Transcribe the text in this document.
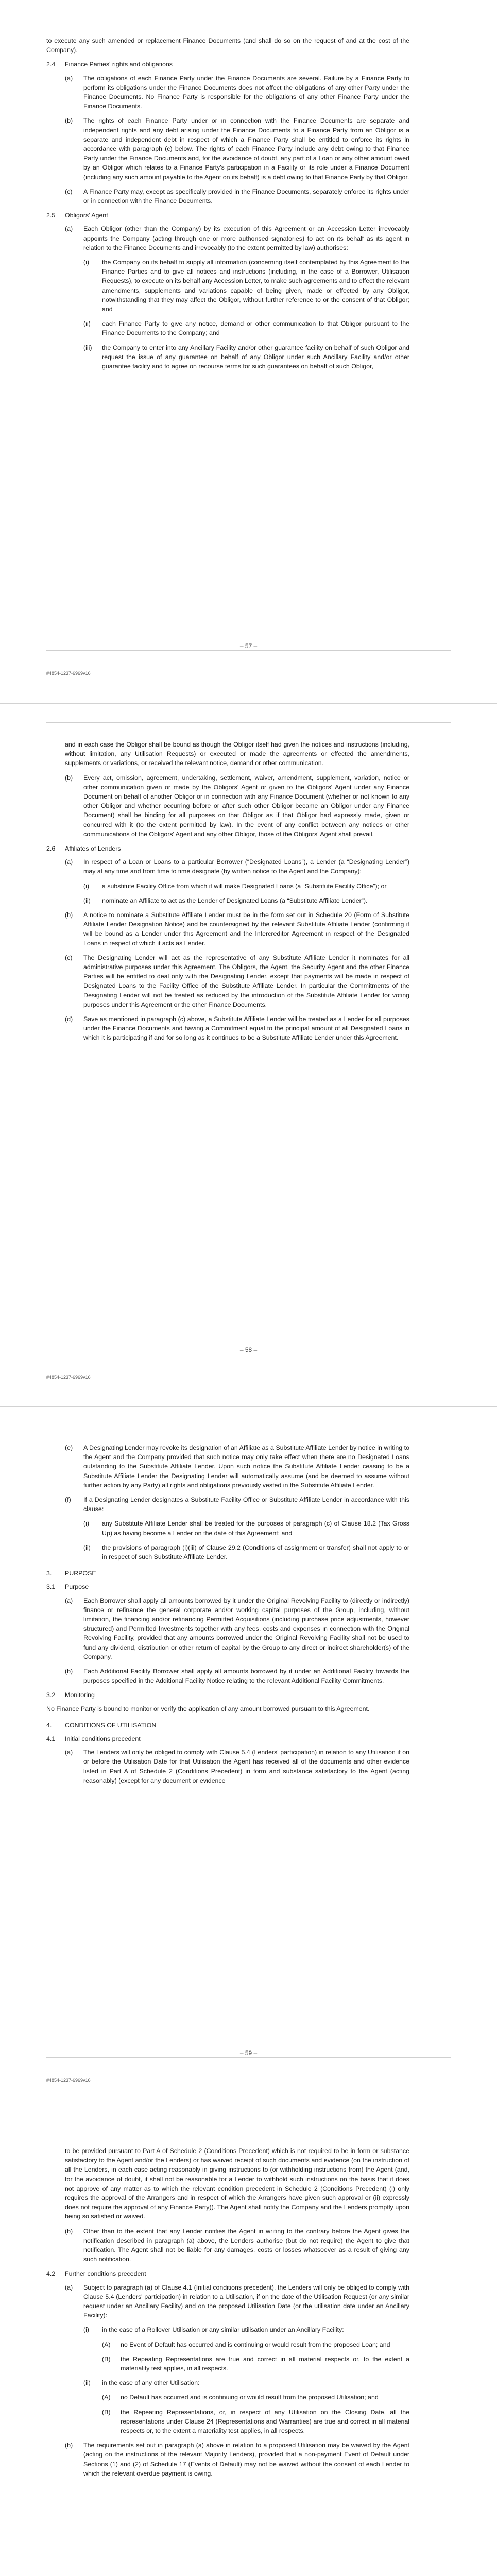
to execute any such amended or replacement Finance Documents (and shall do so on the request of and at the cost of the Company).

2.4	Finance Parties' rights and obligations
(a)	The obligations of each Finance Party under the Finance Documents are several. Failure by a Finance Party to perform its obligations under the Finance Documents does not affect the obligations of any other Party under the Finance Documents. No Finance Party is responsible for the obligations of any other Finance Party under the Finance Documents.
(b)	The rights of each Finance Party under or in connection with the Finance Documents are separate and independent rights and any debt arising under the Finance Documents to a Finance Party from an Obligor is a separate and independent debt in respect of which a Finance Party shall be entitled to enforce its rights in accordance with paragraph (c) below. The rights of each Finance Party include any debt owing to that Finance Party under the Finance Documents and, for the avoidance of doubt, any part of a Loan or any other amount owed by an Obligor which relates to a Finance Party's participation in a Facility or its role under a Finance Document (including any such amount payable to the Agent on its behalf) is a debt owing to that Finance Party by that Obligor.
(c)	A Finance Party may, except as specifically provided in the Finance Documents, separately enforce its rights under or in connection with the Finance Documents.
2.5	Obligors' Agent
(a)	Each Obligor (other than the Company) by its execution of this Agreement or an Accession Letter irrevocably appoints the Company (acting through one or more authorised signatories) to act on its behalf as its agent in relation to the Finance Documents and irrevocably (to the extent permitted by law) authorises:
(i)	the Company on its behalf to supply all information (concerning itself contemplated by this Agreement to the Finance Parties and to give all notices and instructions (including, in the case of a Borrower, Utilisation Requests), to execute on its behalf any Accession Letter, to make such agreements and to effect the relevant amendments, supplements and variations capable of being given, made or effected by any Obligor, notwithstanding that they may affect the Obligor, without further reference to or the consent of that Obligor; and
(ii)	each Finance Party to give any notice, demand or other communication to that Obligor pursuant to the Finance Documents to the Company; and
(iii)	the Company to enter into any Ancillary Facility and/or other guarantee facility on behalf of such Obligor and request the issue of any guarantee on behalf of any Obligor under such Ancillary Facility and/or other guarantee facility and to agree on recourse terms for such guarantees on behalf of such Obligor,
– 57 –
#4854-1237-6969v16

and in each case the Obligor shall be bound as though the Obligor itself had given the notices and instructions (including, without limitation, any Utilisation Requests) or executed or made the agreements or effected the amendments, supplements or variations, or received the relevant notice, demand or other communication.

(b)	Every act, omission, agreement, undertaking, settlement, waiver, amendment, supplement, variation, notice or other communication given or made by the Obligors' Agent or given to the Obligors' Agent under any Finance Document on behalf of another Obligor or in connection with any Finance Document (whether or not known to any other Obligor and whether occurring before or after such other Obligor became an Obligor under any Finance Document) shall be binding for all purposes on that Obligor as if that Obligor had expressly made, given or concurred with it (to the extent permitted by law). In the event of any conflict between any notices or other communications of the Obligors' Agent and any other Obligor, those of the Obligors' Agent shall prevail.
2.6	Affiliates of Lenders
(a)	In respect of a Loan or Loans to a particular Borrower (“Designated Loans”), a Lender (a “Designating Lender”) may at any time and from time to time designate (by written notice to the Agent and the Company):
(i)	a substitute Facility Office from which it will make Designated Loans (a “Substitute Facility Office”); or
(ii)	nominate an Affiliate to act as the Lender of Designated Loans (a “Substitute Affiliate Lender”).
(b)	A notice to nominate a Substitute Affiliate Lender must be in the form set out in Schedule 20 (Form of Substitute Affiliate Lender Designation Notice) and be countersigned by the relevant Substitute Affiliate Lender (confirming it will be bound as a Lender under this Agreement and the Intercreditor Agreement in respect of the Designated Loans in respect of which it acts as Lender.
(c)	The Designating Lender will act as the representative of any Substitute Affiliate Lender it nominates for all administrative purposes under this Agreement. The Obligors, the Agent, the Security Agent and the other Finance Parties will be entitled to deal only with the Designating Lender, except that payments will be made in respect of Designated Loans to the Facility Office of the Substitute Affiliate Lender. In particular the Commitments of the Designating Lender will not be treated as reduced by the introduction of the Substitute Affiliate Lender for voting purposes under this Agreement or the other Finance Documents.
(d)	Save as mentioned in paragraph (c) above, a Substitute Affiliate Lender will be treated as a Lender for all purposes under the Finance Documents and having a Commitment equal to the principal amount of all Designated Loans in which it is participating if and for so long as it continues to be a Substitute Affiliate Lender under this Agreement.
– 58 –
#4854-1237-6969v16
(e)	A Designating Lender may revoke its designation of an Affiliate as a Substitute Affiliate Lender by notice in writing to the Agent and the Company provided that such notice may only take effect when there are no Designated Loans outstanding to the Substitute Affiliate Lender. Upon such notice the Substitute Affiliate Lender ceasing to be a Substitute Affiliate Lender the Designating Lender will automatically assume (and be deemed to assume without further action by any Party) all rights and obligations previously vested in the Substitute Affiliate Lender.
(f)	If a Designating Lender designates a Substitute Facility Office or Substitute Affiliate Lender in accordance with this clause:
(i)	any Substitute Affiliate Lender shall be treated for the purposes of paragraph (c) of Clause 18.2 (Tax Gross Up) as having become a Lender on the date of this Agreement; and
(ii)	the provisions of paragraph (i)(iii) of Clause 29.2 (Conditions of assignment or transfer) shall not apply to or in respect of such Substitute Affiliate Lender.
3.	PURPOSE
3.1	Purpose
(a)	Each Borrower shall apply all amounts borrowed by it under the Original Revolving Facility to (directly or indirectly) finance or refinance the general corporate and/or working capital purposes of the Group, including, without limitation, the financing and/or refinancing Permitted Acquisitions (including purchase price adjustments, however structured) and Permitted Investments together with any fees, costs and expenses in connection with the Original Revolving Facility, provided that any amounts borrowed under the Original Revolving Facility shall not be used to fund any dividend, distribution or other return of capital by the Group to any direct or indirect shareholder(s) of the Company.
(b)	Each Additional Facility Borrower shall apply all amounts borrowed by it under an Additional Facility towards the purposes specified in the Additional Facility Notice relating to the relevant Additional Facility Commitments.
3.2	Monitoring

No Finance Party is bound to monitor or verify the application of any amount borrowed pursuant to this Agreement.

4.	CONDITIONS OF UTILISATION
4.1	Initial conditions precedent
(a)	The Lenders will only be obliged to comply with Clause 5.4 (Lenders' participation) in relation to any Utilisation if on or before the Utilisation Date for that Utilisation the Agent has received all of the documents and other evidence listed in Part A of Schedule 2 (Conditions Precedent) in form and substance satisfactory to the Agent (acting reasonably) (except for any document or evidence
– 59 –
#4854-1237-6969v16

to be provided pursuant to Part A of Schedule 2 (Conditions Precedent) which is not required to be in form or substance satisfactory to the Agent and/or the Lenders) or has waived receipt of such documents and evidence (on the instruction of all the Lenders, in each case acting reasonably in giving instructions to (or withholding instructions from) the Agent (and, for the avoidance of doubt, it shall not be reasonable for a Lender to withhold such instructions on the basis that it does not approve of any matter as to which the relevant condition precedent in Schedule 2 (Conditions Precedent) (i) only requires the approval of the Arrangers and in respect of which the Arrangers have given such approval or (ii) expressly does not require the approval of any Finance Party)). The Agent shall notify the Company and the Lenders promptly upon being so satisfied or waived.

(b)	Other than to the extent that any Lender notifies the Agent in writing to the contrary before the Agent gives the notification described in paragraph (a) above, the Lenders authorise (but do not require) the Agent to give that notification. The Agent shall not be liable for any damages, costs or losses whatsoever as a result of giving any such notification.
4.2	Further conditions precedent
(a)	Subject to paragraph (a) of Clause 4.1 (Initial conditions precedent), the Lenders will only be obliged to comply with Clause 5.4 (Lenders' participation) in relation to a Utilisation, if on the date of the Utilisation Request (or any similar request under an Ancillary Facility) and on the proposed Utilisation Date (or the utilisation date under an Ancillary Facility):
(i)	in the case of a Rollover Utilisation or any similar utilisation under an Ancillary Facility:
(A)	no Event of Default has occurred and is continuing or would result from the proposed Loan; and
(B)	the Repeating Representations are true and correct in all material respects or, to the extent a materiality test applies, in all respects.
(ii)	in the case of any other Utilisation:
(A)	no Default has occurred and is continuing or would result from the proposed Utilisation; and
(B)	the Repeating Representations, or, in respect of any Utilisation on the Closing Date, all the representations under Clause 24 (Representations and Warranties) are true and correct in all material respects or, to the extent a materiality test applies, in all respects.
(b)	The requirements set out in paragraph (a) above in relation to a proposed Utilisation may be waived by the Agent (acting on the instructions of the relevant Majority Lenders), provided that a non-payment Event of Default under Sections (1) and (2) of Schedule 17 (Events of Default) may not be waived without the consent of each Lender to which the relevant overdue payment is owing.
